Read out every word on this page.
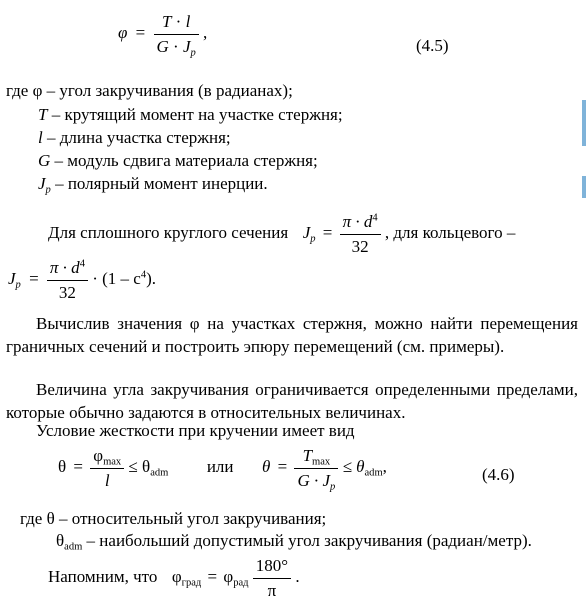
$\varphi = \frac{T \cdot l}{G \cdot J_p}$ ,
(4.5)
где φ – угол закручивания (в радианах);
T – крутящий момент на участке стержня;
l – длина участка стержня;
G – модуль сдвига материала стержня;
$J_p$ – полярный момент инерции.
Для сплошного круглого сечения $J_p = \frac{\pi \cdot d^4}{32}$ , для кольцевого –
$J_p = \frac{\pi \cdot d^4}{32} \cdot (1 - c^4)$.
Вычислив значения φ на участках стержня, можно найти перемещения граничных сечений и построить эпюру перемещений (см. примеры).
Величина угла закручивания ограничивается определенными пределами, которые обычно задаются в относительных величинах.
Условие жесткости при кручении имеет вид
$\theta = \frac{\varphi_{max}}{l} \le \theta_{adm}$ или $\theta = \frac{T_{max}}{G \cdot J_p} \le \theta_{adm}$,	(4.6)
где θ – относительный угол закручивания;
$\theta_{adm}$ – наибольший допустимый угол закручивания (радиан/метр).
Напомним, что $\varphi_{град} = \varphi_{рад} \frac{180^\circ}{\pi}$ .
